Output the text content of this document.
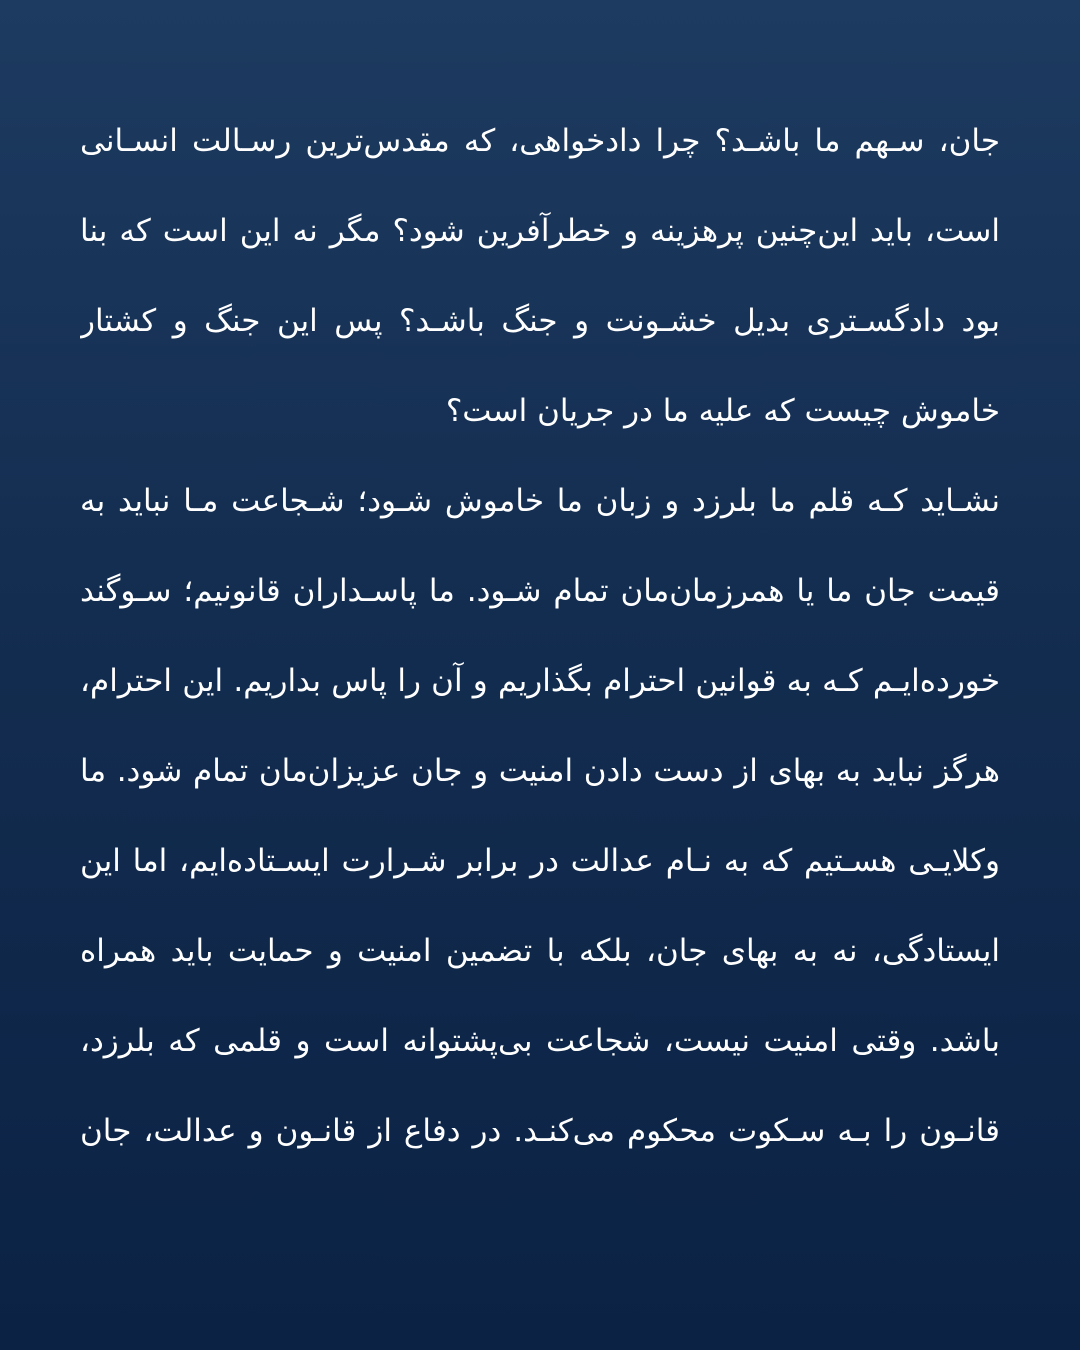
جان، سـهم ما باشـد؟ چرا دادخواهی، که مقدس‌ترین رسـالت انسـانی
است، باید این‌چنین پرهزینه و خطرآفرین شود؟ مگر نه این است که بنا
بود دادگسـتری بدیل خشـونت و جنگ باشـد؟ پس این جنگ و کشتار
خاموش چیست که علیه ما در جریان است؟
نشـاید کـه قلم ما بلرزد و زبان ما خاموش شـود؛ شـجاعت مـا نباید به
قیمت جان ما یا همرزمان‌مان تمام شـود. ما پاسـداران قانونیم؛ سـوگند
خورده‌ایـم کـه به قوانین احترام بگذاریم و آن را پاس بداریم. این احترام،
هرگز نباید به بهای از دست دادن امنیت و جان عزیزان‌مان تمام شود. ما
وکلایـی هسـتیم که به نـام عدالت در برابر شـرارت ایسـتاده‌ایم، اما این
ایستادگی، نه به بهای جان، بلکه با تضمین امنیت و حمایت باید همراه
باشد. وقتی امنیت نیست، شجاعت بی‌پشتوانه است و قلمی که بلرزد،
قانـون را بـه سـکوت محکوم می‌کنـد. در دفاع از قانـون و عدالت، جان
